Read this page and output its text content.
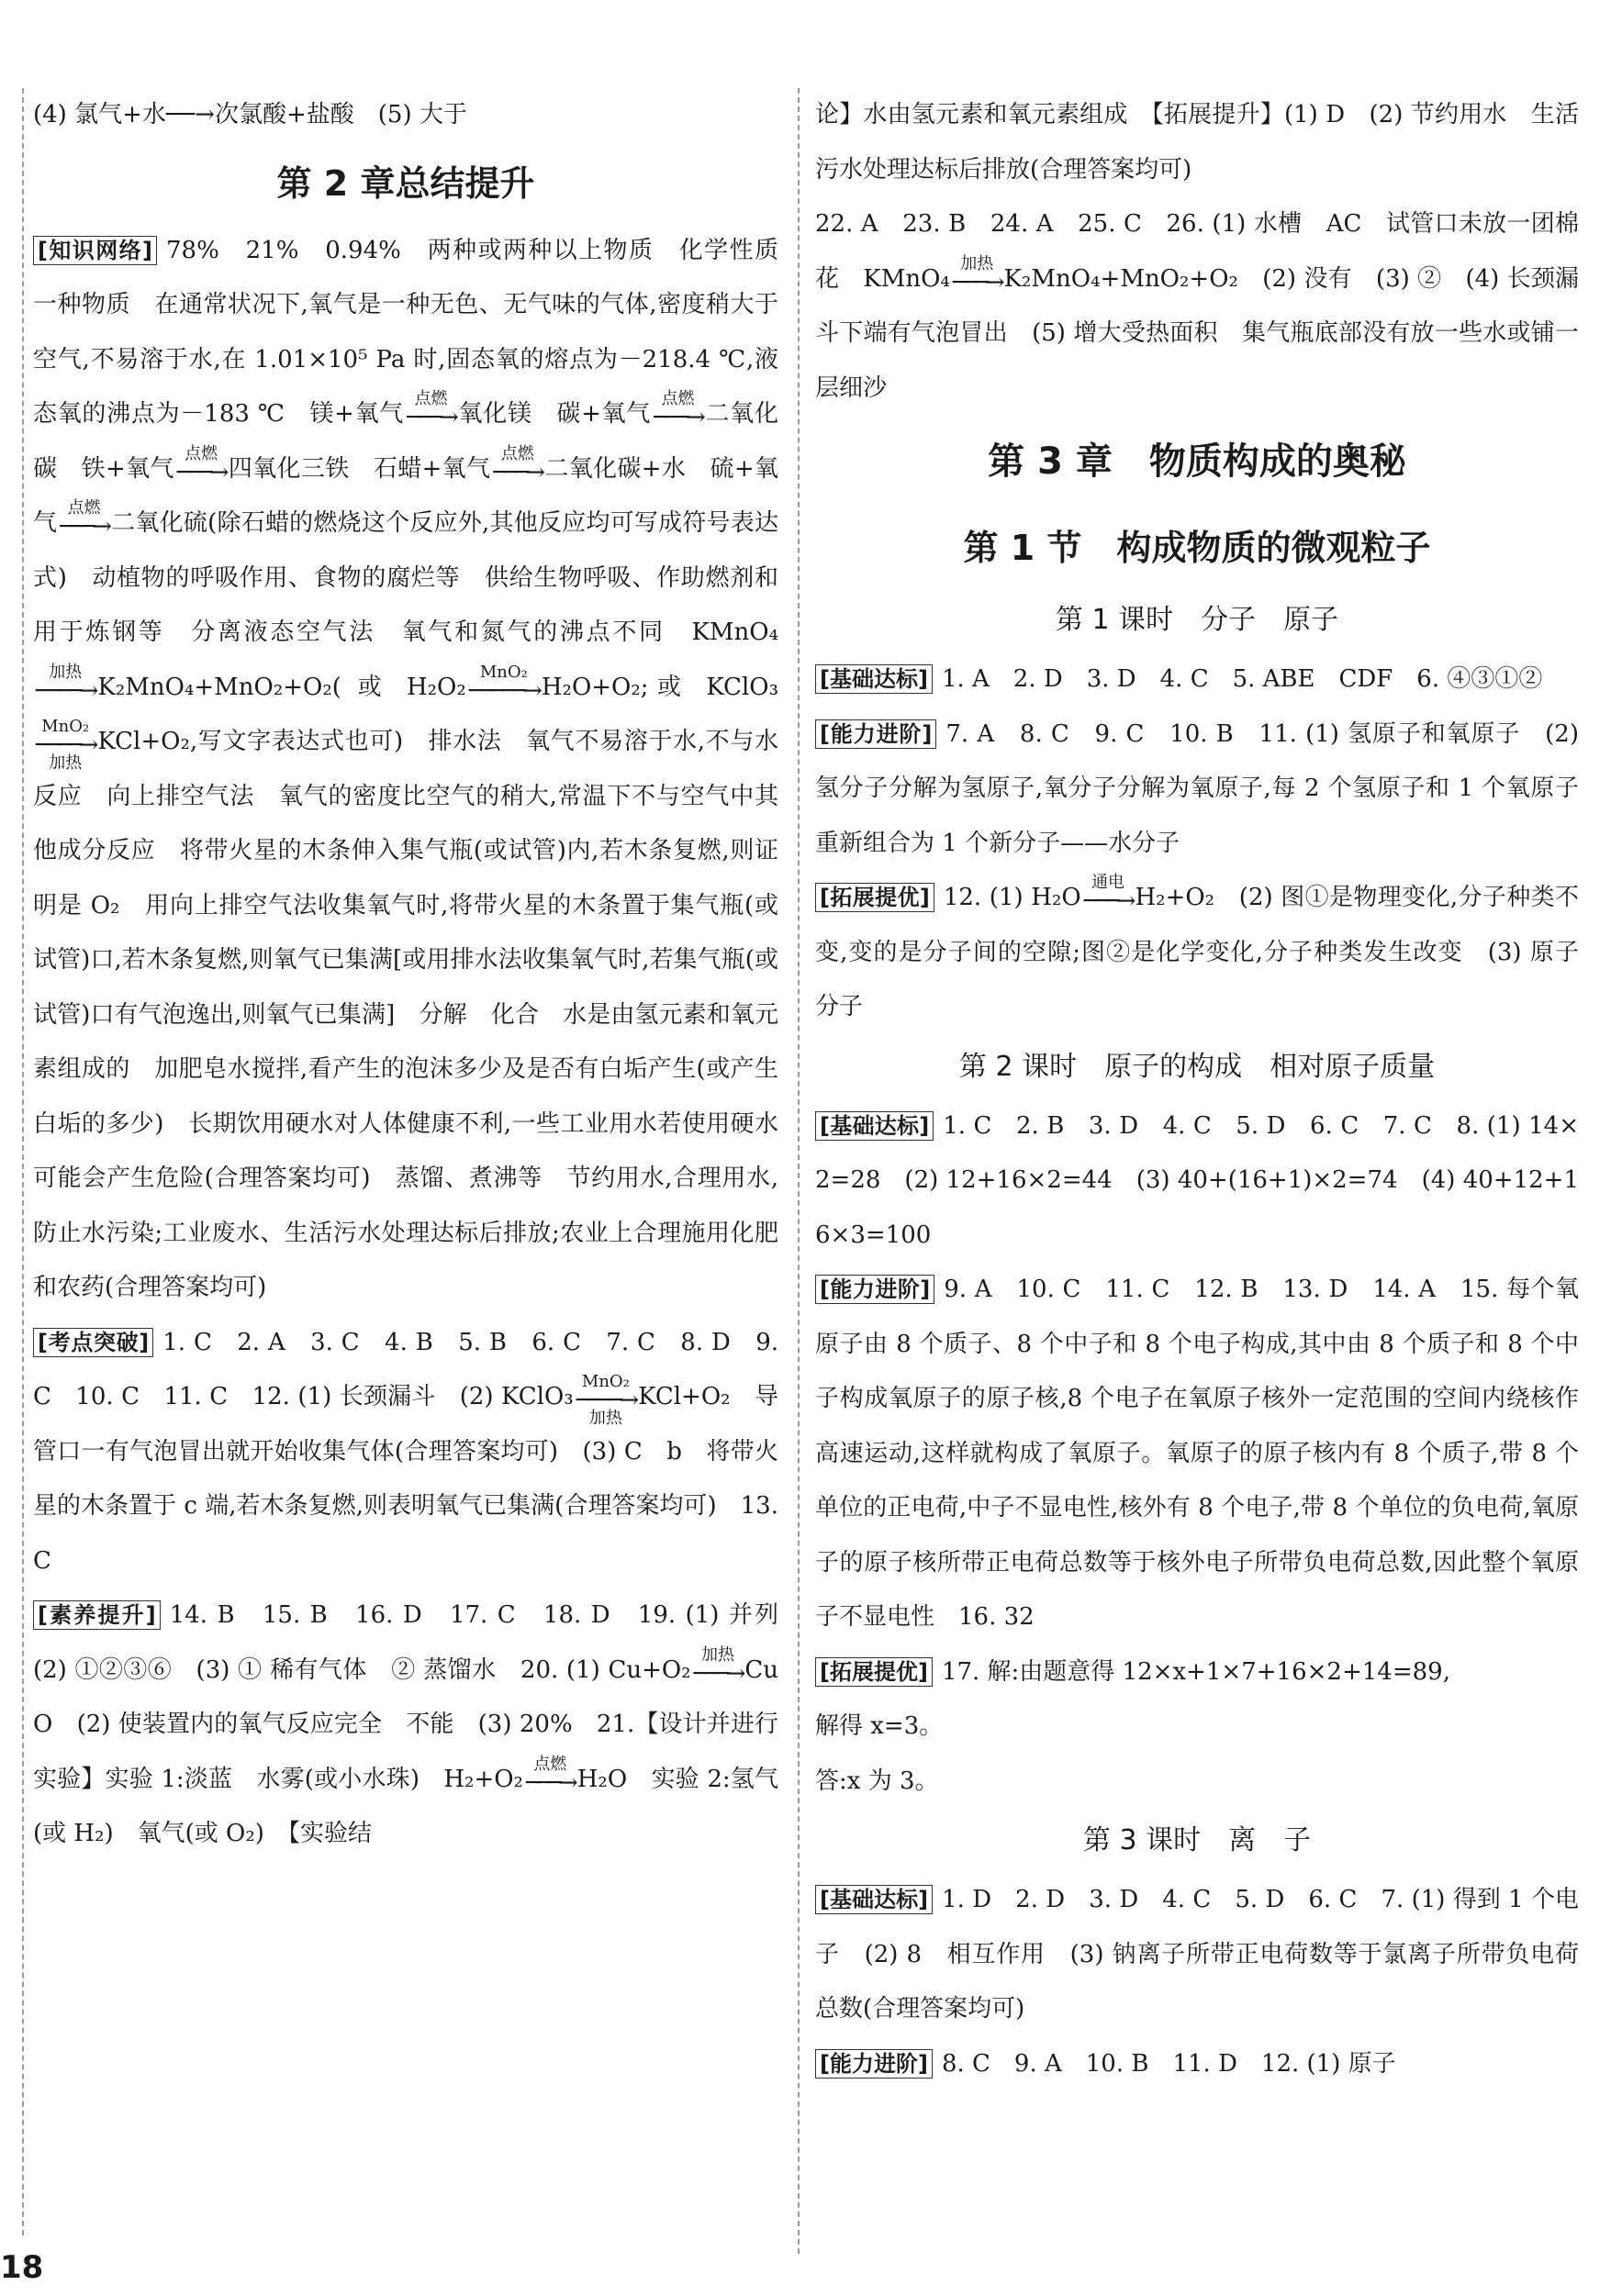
(4) 氯气+水──→次氯酸+盐酸　(5) 大于

第 2 章总结提升

[知识网络] 78%　21%　0.94%　两种或两种以上物质　化学性质　一种物质　在通常状况下,氧气是一种无色、无气味的气体,密度稍大于空气,不易溶于水,在 1.01×10⁵ Pa 时,固态氧的熔点为－218.4 ℃,液态氧的沸点为－183 ℃　镁+氧气
点燃
───→ 氧化镁　碳+氧气
点燃
───→ 二氧化碳　铁+氧气
点燃
───→ 四氧化三铁　石蜡+氧气
点燃
───→ 二氧化碳+水　硫+氧气
点燃
───→ 二氧化硫(除石蜡的燃烧这个反应外,其他反应均可写成符号表达式)　动植物的呼吸作用、食物的腐烂等　供给生物呼吸、作助燃剂和用于炼钢等　分离液态空气法　氧气和氮气的沸点不同　KMnO₄
加热
────→ K₂MnO₄+MnO₂+O₂( 或 H₂O₂
MnO₂
─────→ H₂O+O₂;或 KClO₃
MnO₂
────→
加热
KCl+O₂,写文字表达式也可)　排水法　氧气不易溶于水,不与水反应　向上排空气法　氧气的密度比空气的稍大,常温下不与空气中其他成分反应　将带火星的木条伸入集气瓶(或试管)内,若木条复燃,则证明是 O₂　用向上排空气法收集氧气时,将带火星的木条置于集气瓶(或试管)口,若木条复燃,则氧气已集满[或用排水法收集氧气时,若集气瓶(或试管)口有气泡逸出,则氧气已集满]　分解　化合　水是由氢元素和氧元素组成的　加肥皂水搅拌,看产生的泡沫多少及是否有白垢产生(或产生白垢的多少)　长期饮用硬水对人体健康不利,一些工业用水若使用硬水可能会产生危险(合理答案均可)　蒸馏、煮沸等　节约用水,合理用水,防止水污染;工业废水、生活污水处理达标后排放;农业上合理施用化肥和农药(合理答案均可)

[考点突破] 1. C　2. A　3. C　4. B　5. B　6. C　7. C　8. D　9. C　10. C　11. C　12. (1) 长颈漏斗　(2) KClO₃
MnO₂
────→
加热
KCl+O₂　导管口一有气泡冒出就开始收集气体(合理答案均可)　(3) C　b　将带火星的木条置于 c 端,若木条复燃,则表明氧气已集满(合理答案均可)　13. C

[素养提升] 14. B　15. B　16. D　17. C　18. D　19. (1) 并列　(2) ①②③⑥　(3) ① 稀有气体　② 蒸馏水　20. (1) Cu+O₂
加热
───→ CuO　(2) 使装置内的氧气反应完全　不能　(3) 20%　21.【设计并进行实验】实验 1:淡蓝　水雾(或小水珠)　H₂+O₂
点燃
───→ H₂O　实验 2:氢气(或 H₂)　氧气(或 O₂)　【实验结

论】水由氢元素和氧元素组成　【拓展提升】(1) D　(2) 节约用水　生活污水处理达标后排放(合理答案均可)

22. A　23. B　24. A　25. C　26. (1) 水槽　AC　试管口未放一团棉花　KMnO₄
加热
───→ K₂MnO₄+MnO₂+O₂　(2) 没有　(3) ②　(4) 长颈漏斗下端有气泡冒出　(5) 增大受热面积　集气瓶底部没有放一些水或铺一层细沙

第 3 章　物质构成的奥秘

第 1 节　构成物质的微观粒子

第 1 课时　分子　原子

[基础达标] 1. A　2. D　3. D　4. C　5. ABE　CDF　6. ④③①②

[能力进阶] 7. A　8. C　9. C　10. B　11. (1) 氢原子和氧原子　(2) 氢分子分解为氢原子,氧分子分解为氧原子,每 2 个氢原子和 1 个氧原子重新组合为 1 个新分子——水分子

[拓展提优] 12. (1) H₂O
通电
───→ H₂+O₂　(2) 图①是物理变化,分子种类不变,变的是分子间的空隙;图②是化学变化,分子种类发生改变　(3) 原子　分子

第 2 课时　原子的构成　相对原子质量

[基础达标] 1. C　2. B　3. D　4. C　5. D　6. C　7. C　8. (1) 14×2=28　(2) 12+16×2=44　(3) 40+(16+1)×2=74　(4) 40+12+16×3=100

[能力进阶] 9. A　10. C　11. C　12. B　13. D　14. A　15. 每个氧原子由 8 个质子、8 个中子和 8 个电子构成,其中由 8 个质子和 8 个中子构成氧原子的原子核,8 个电子在氧原子核外一定范围的空间内绕核作高速运动,这样就构成了氧原子。氧原子的原子核内有 8 个质子,带 8 个单位的正电荷,中子不显电性,核外有 8 个电子,带 8 个单位的负电荷,氧原子的原子核所带正电荷总数等于核外电子所带负电荷总数,因此整个氧原子不显电性　16. 32

[拓展提优] 17. 解:由题意得 12×x+1×7+16×2+14=89,

解得 x=3。

答:x 为 3。

第 3 课时　离　子

[基础达标] 1. D　2. D　3. D　4. C　5. D　6. C　7. (1) 得到 1 个电子　(2) 8　相互作用　(3) 钠离子所带正电荷数等于氯离子所带负电荷总数(合理答案均可)

[能力进阶] 8. C　9. A　10. B　11. D　12. (1) 原子

18
